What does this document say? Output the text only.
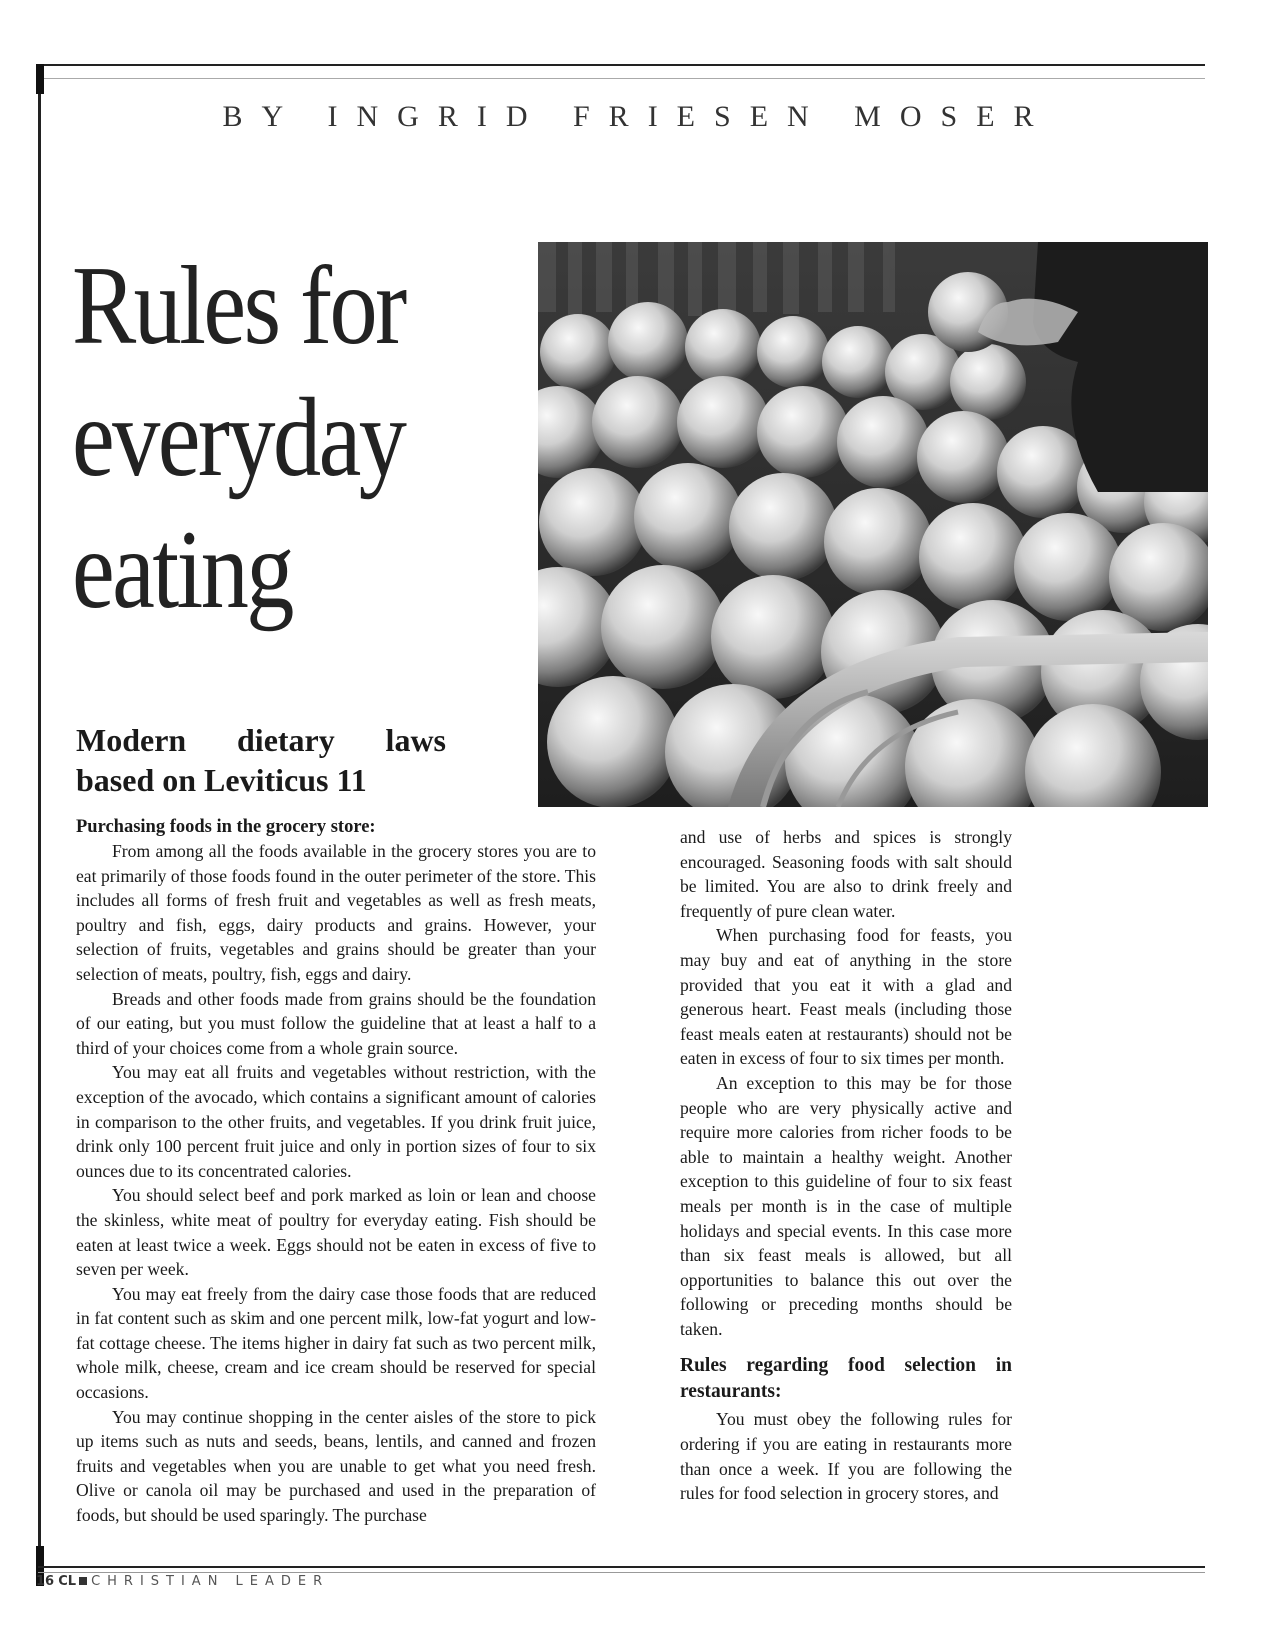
BY INGRID FRIESEN MOSER
Rules for
everyday
eating
Modern dietary laws
based on Leviticus 11
Purchasing foods in the grocery store:

From among all the foods available in the grocery stores you are to eat primarily of those foods found in the outer perimeter of the store. This includes all forms of fresh fruit and vegetables as well as fresh meats, poultry and fish, eggs, dairy products and grains. However, your selection of fruits, vegetables and grains should be greater than your selection of meats, poultry, fish, eggs and dairy.

Breads and other foods made from grains should be the foundation of our eating, but you must follow the guideline that at least a half to a third of your choices come from a whole grain source.

You may eat all fruits and vegetables without restriction, with the exception of the avocado, which contains a significant amount of calories in comparison to the other fruits, and vegetables. If you drink fruit juice, drink only 100 percent fruit juice and only in portion sizes of four to six ounces due to its concentrated calories.

You should select beef and pork marked as loin or lean and choose the skinless, white meat of poultry for everyday eating. Fish should be eaten at least twice a week. Eggs should not be eaten in excess of five to seven per week.

You may eat freely from the dairy case those foods that are reduced in fat content such as skim and one percent milk, low-fat yogurt and low-fat cottage cheese. The items higher in dairy fat such as two percent milk, whole milk, cheese, cream and ice cream should be reserved for special occasions.

You may continue shopping in the center aisles of the store to pick up items such as nuts and seeds, beans, lentils, and canned and frozen fruits and vegetables when you are unable to get what you need fresh. Olive or canola oil may be purchased and used in the preparation of foods, but should be used sparingly. The purchase

and use of herbs and spices is strongly encouraged. Seasoning foods with salt should be limited. You are also to drink freely and frequently of pure clean water.

When purchasing food for feasts, you may buy and eat of anything in the store provided that you eat it with a glad and generous heart. Feast meals (including those feast meals eaten at restaurants) should not be eaten in excess of four to six times per month.

An exception to this may be for those people who are very physically active and require more calories from richer foods to be able to maintain a healthy weight. Another exception to this guideline of four to six feast meals per month is in the case of multiple holidays and special events. In this case more than six feast meals is allowed, but all opportunities to balance this out over the following or preceding months should be taken.

Rules regarding food selection in restaurants:

You must obey the following rules for ordering if you are eating in restaurants more than once a week. If you are following the rules for food selection in grocery stores, and

16 CL CHRISTIAN LEADER
